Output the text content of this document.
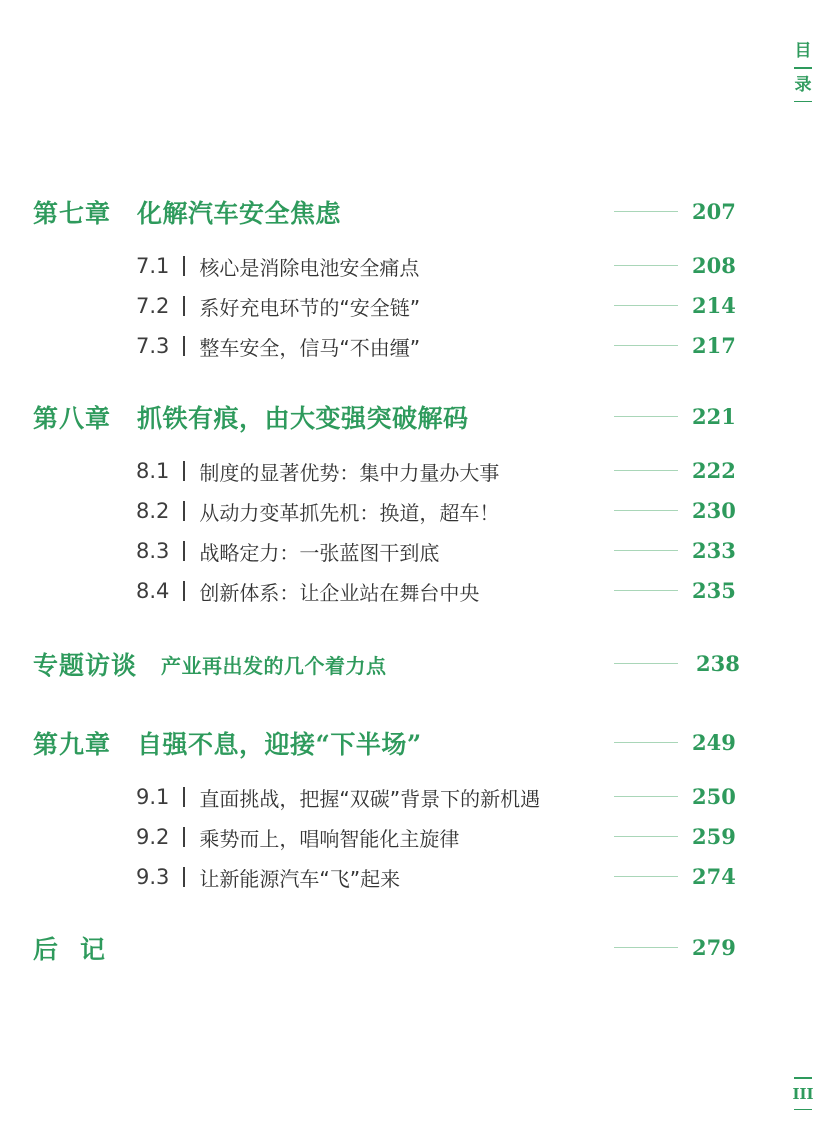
目
录
第七章 化解汽车安全焦虑	207
7.1 核心是消除电池安全痛点	208
7.2 系好充电环节的“安全链”	214
7.3 整车安全，信马“不由缰”	217
第八章 抓铁有痕，由大变强突破解码	221
8.1 制度的显著优势：集中力量办大事	222
8.2 从动力变革抓先机：换道，超车！	230
8.3 战略定力：一张蓝图干到底	233
8.4 创新体系：让企业站在舞台中央	235
专题访谈 产业再出发的几个着力点	238
第九章 自强不息，迎接“下半场”	249
9.1 直面挑战，把握“双碳”背景下的新机遇	250
9.2 乘势而上，唱响智能化主旋律	259
9.3 让新能源汽车“飞”起来	274
后记	279
III
